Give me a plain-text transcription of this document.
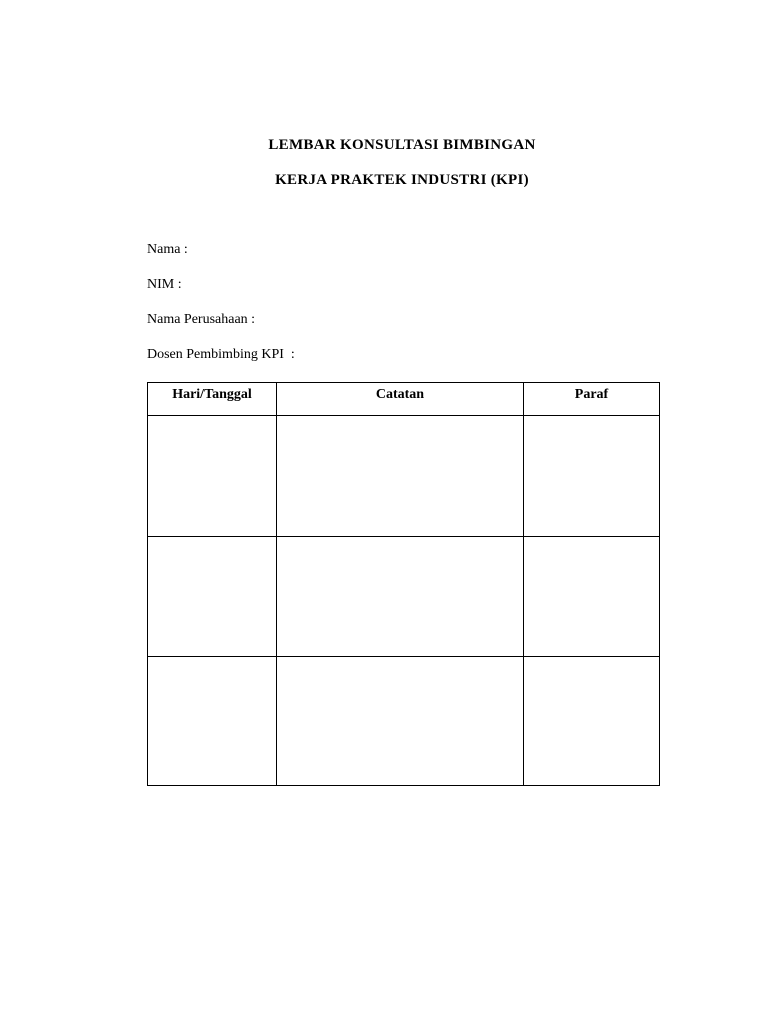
LEMBAR KONSULTASI BIMBINGAN
KERJA PRAKTEK INDUSTRI (KPI)
Nama :
NIM :
Nama Perusahaan :
Dosen Pembimbing KPI  :
Hari/Tanggal	Catatan	Paraf
